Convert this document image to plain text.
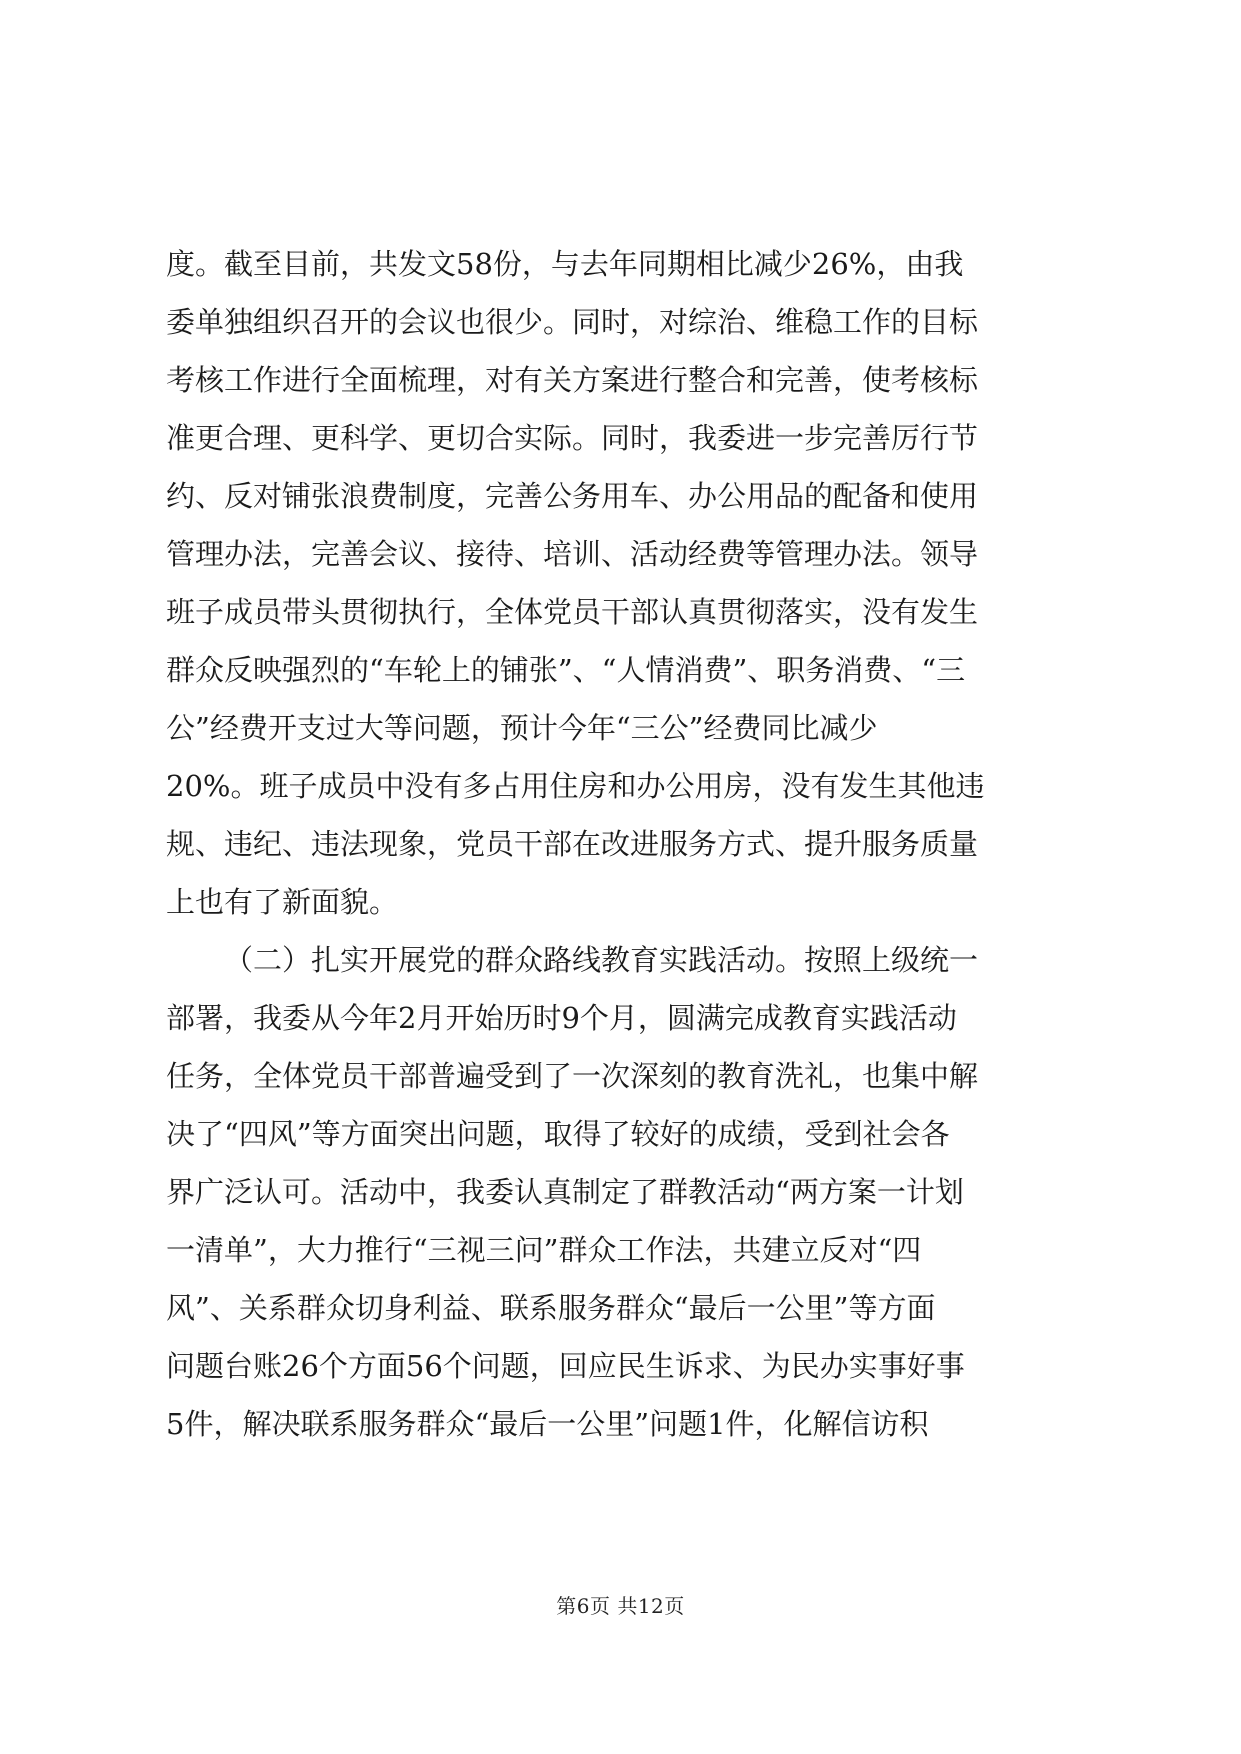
度。截至目前，共发文58份，与去年同期相比减少26%，由我
委单独组织召开的会议也很少。同时，对综治、维稳工作的目标
考核工作进行全面梳理，对有关方案进行整合和完善，使考核标
准更合理、更科学、更切合实际。同时，我委进一步完善厉行节
约、反对铺张浪费制度，完善公务用车、办公用品的配备和使用
管理办法，完善会议、接待、培训、活动经费等管理办法。领导
班子成员带头贯彻执行，全体党员干部认真贯彻落实，没有发生
群众反映强烈的“车轮上的铺张”、“人情消费”、职务消费、“三
公”经费开支过大等问题，预计今年“三公”经费同比减少
20%。班子成员中没有多占用住房和办公用房，没有发生其他违
规、违纪、违法现象，党员干部在改进服务方式、提升服务质量
上也有了新面貌。
（二）扎实开展党的群众路线教育实践活动。按照上级统一
部署，我委从今年2月开始历时9个月，圆满完成教育实践活动
任务，全体党员干部普遍受到了一次深刻的教育洗礼，也集中解
决了“四风”等方面突出问题，取得了较好的成绩，受到社会各
界广泛认可。活动中，我委认真制定了群教活动“两方案一计划
一清单”，大力推行“三视三问”群众工作法，共建立反对“四
风”、关系群众切身利益、联系服务群众“最后一公里”等方面
问题台账26个方面56个问题，回应民生诉求、为民办实事好事
5件，解决联系服务群众“最后一公里”问题1件，化解信访积
第6页 共12页
